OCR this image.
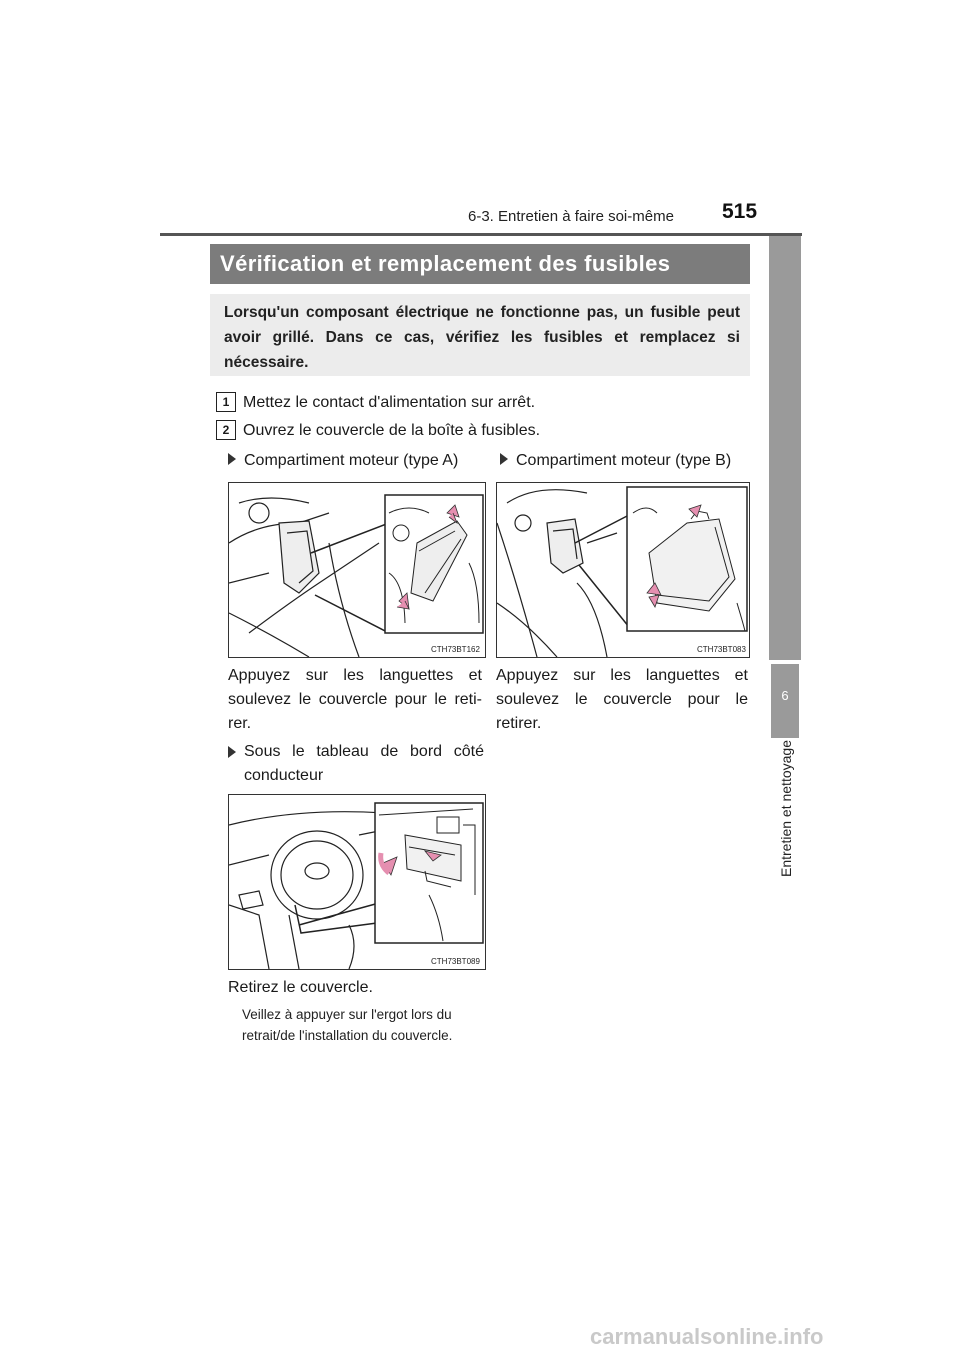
6-3. Entretien à faire soi-même 515
6
Entretien et nettoyage
Vérification et remplacement des fusibles
Lorsqu'un composant électrique ne fonctionne pas, un fusible peut avoir grillé. Dans ce cas, vérifiez les fusibles et remplacez si nécessaire.
1 Mettez le contact d'alimentation sur arrêt.
2 Ouvrez le couvercle de la boîte à fusibles.
Compartiment moteur (type A)	Compartiment moteur (type B)
CTH73BT162	CTH73BT083
Appuyez sur les languettes et soulevez le couvercle pour le reti-rer.
Appuyez sur les languettes et soulevez le couvercle pour le retirer.
Sous le tableau de bord côté conducteur
CTH73BT089
Retirez le couvercle.
Veillez à appuyer sur l'ergot lors du retrait/de l'installation du couvercle.
carmanualsonline.info
